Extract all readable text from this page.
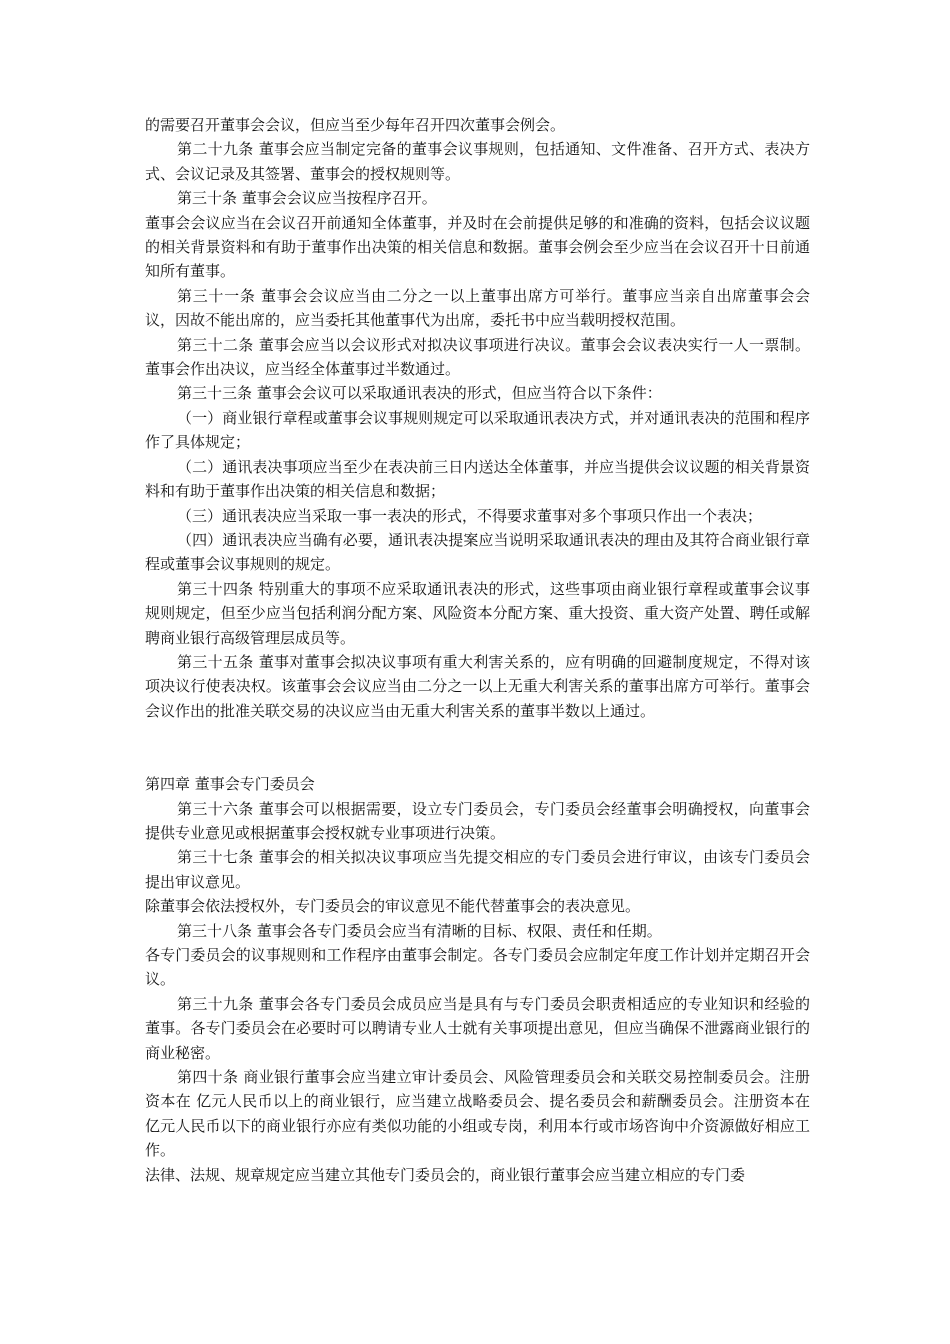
的需要召开董事会会议，但应当至少每年召开四次董事会例会。

第二十九条 董事会应当制定完备的董事会议事规则，包括通知、文件准备、召开方式、表决方式、会议记录及其签署、董事会的授权规则等。

第三十条 董事会会议应当按程序召开。

董事会会议应当在会议召开前通知全体董事，并及时在会前提供足够的和准确的资料，包括会议议题的相关背景资料和有助于董事作出决策的相关信息和数据。董事会例会至少应当在会议召开十日前通知所有董事。

第三十一条 董事会会议应当由二分之一以上董事出席方可举行。董事应当亲自出席董事会会议，因故不能出席的，应当委托其他董事代为出席，委托书中应当载明授权范围。

第三十二条 董事会应当以会议形式对拟决议事项进行决议。董事会会议表决实行一人一票制。董事会作出决议，应当经全体董事过半数通过。

第三十三条 董事会会议可以采取通讯表决的形式，但应当符合以下条件：

（一）商业银行章程或董事会议事规则规定可以采取通讯表决方式，并对通讯表决的范围和程序作了具体规定；

（二）通讯表决事项应当至少在表决前三日内送达全体董事，并应当提供会议议题的相关背景资料和有助于董事作出决策的相关信息和数据；

（三）通讯表决应当采取一事一表决的形式，不得要求董事对多个事项只作出一个表决；

（四）通讯表决应当确有必要，通讯表决提案应当说明采取通讯表决的理由及其符合商业银行章程或董事会议事规则的规定。

第三十四条 特别重大的事项不应采取通讯表决的形式，这些事项由商业银行章程或董事会议事规则规定，但至少应当包括利润分配方案、风险资本分配方案、重大投资、重大资产处置、聘任或解聘商业银行高级管理层成员等。

第三十五条 董事对董事会拟决议事项有重大利害关系的，应有明确的回避制度规定，不得对该项决议行使表决权。该董事会会议应当由二分之一以上无重大利害关系的董事出席方可举行。董事会会议作出的批准关联交易的决议应当由无重大利害关系的董事半数以上通过。

第四章 董事会专门委员会

第三十六条 董事会可以根据需要，设立专门委员会，专门委员会经董事会明确授权，向董事会提供专业意见或根据董事会授权就专业事项进行决策。

第三十七条 董事会的相关拟决议事项应当先提交相应的专门委员会进行审议，由该专门委员会提出审议意见。

除董事会依法授权外，专门委员会的审议意见不能代替董事会的表决意见。

第三十八条 董事会各专门委员会应当有清晰的目标、权限、责任和任期。

各专门委员会的议事规则和工作程序由董事会制定。各专门委员会应制定年度工作计划并定期召开会议。

第三十九条 董事会各专门委员会成员应当是具有与专门委员会职责相适应的专业知识和经验的董事。各专门委员会在必要时可以聘请专业人士就有关事项提出意见，但应当确保不泄露商业银行的商业秘密。

第四十条 商业银行董事会应当建立审计委员会、风险管理委员会和关联交易控制委员会。注册资本在 亿元人民币以上的商业银行，应当建立战略委员会、提名委员会和薪酬委员会。注册资本在 亿元人民币以下的商业银行亦应有类似功能的小组或专岗，利用本行或市场咨询中介资源做好相应工作。

法律、法规、规章规定应当建立其他专门委员会的，商业银行董事会应当建立相应的专门委
